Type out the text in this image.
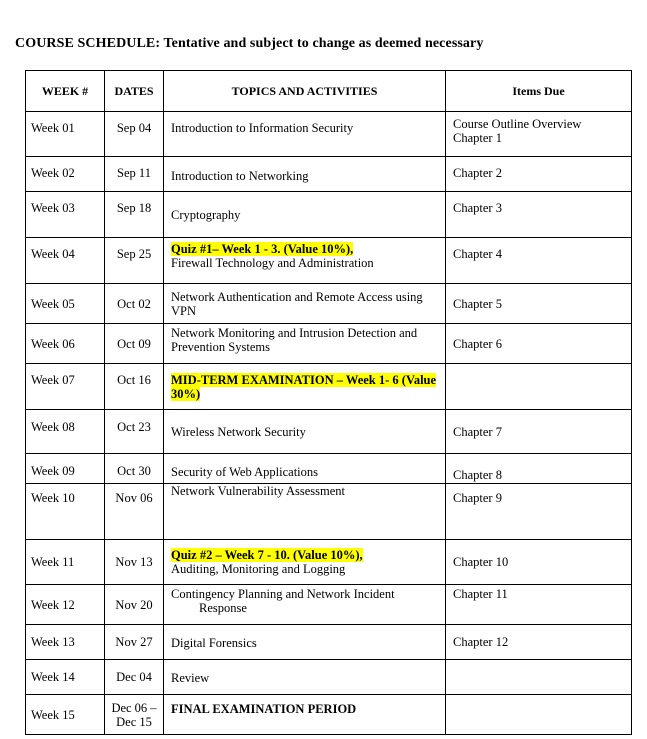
COURSE SCHEDULE: Tentative and subject to change as deemed necessary
WEEK #	DATES	TOPICS AND ACTIVITIES	Items Due
Week 01	Sep 04	Introduction to Information Security	Course Outline Overview
Chapter 1

Week 02	Sep 11	Introduction to Networking	Chapter 2
Week 03	Sep 18	Cryptography	Chapter 3
Week 04	Sep 25	Quiz #1– Week 1 - 3. (Value 10%),
Firewall Technology and Administration	Chapter 4
Week 05	Oct 02	Network Authentication and Remote Access using VPN	Chapter 5
Week 06	Oct 09	Network Monitoring and Intrusion Detection and Prevention Systems	Chapter 6
Week 07	Oct 16	MID-TERM EXAMINATION – Week 1- 6 (Value 30%)	
Week 08	Oct 23	Wireless Network Security	Chapter 7
Week 09	Oct 30	Security of Web Applications	Chapter 8
Week 10	Nov 06	Network Vulnerability Assessment	Chapter 9
Week 11	Nov 13	Quiz #2 – Week 7 - 10. (Value 10%),
Auditing, Monitoring and Logging	Chapter 10
Week 12	Nov 20	Contingency Planning and Network Incident
Response	Chapter 11
Week 13	Nov 27	Digital Forensics	Chapter 12
Week 14	Dec 04	Review	
Week 15	Dec 06 –
Dec 15	FINAL EXAMINATION PERIOD	
